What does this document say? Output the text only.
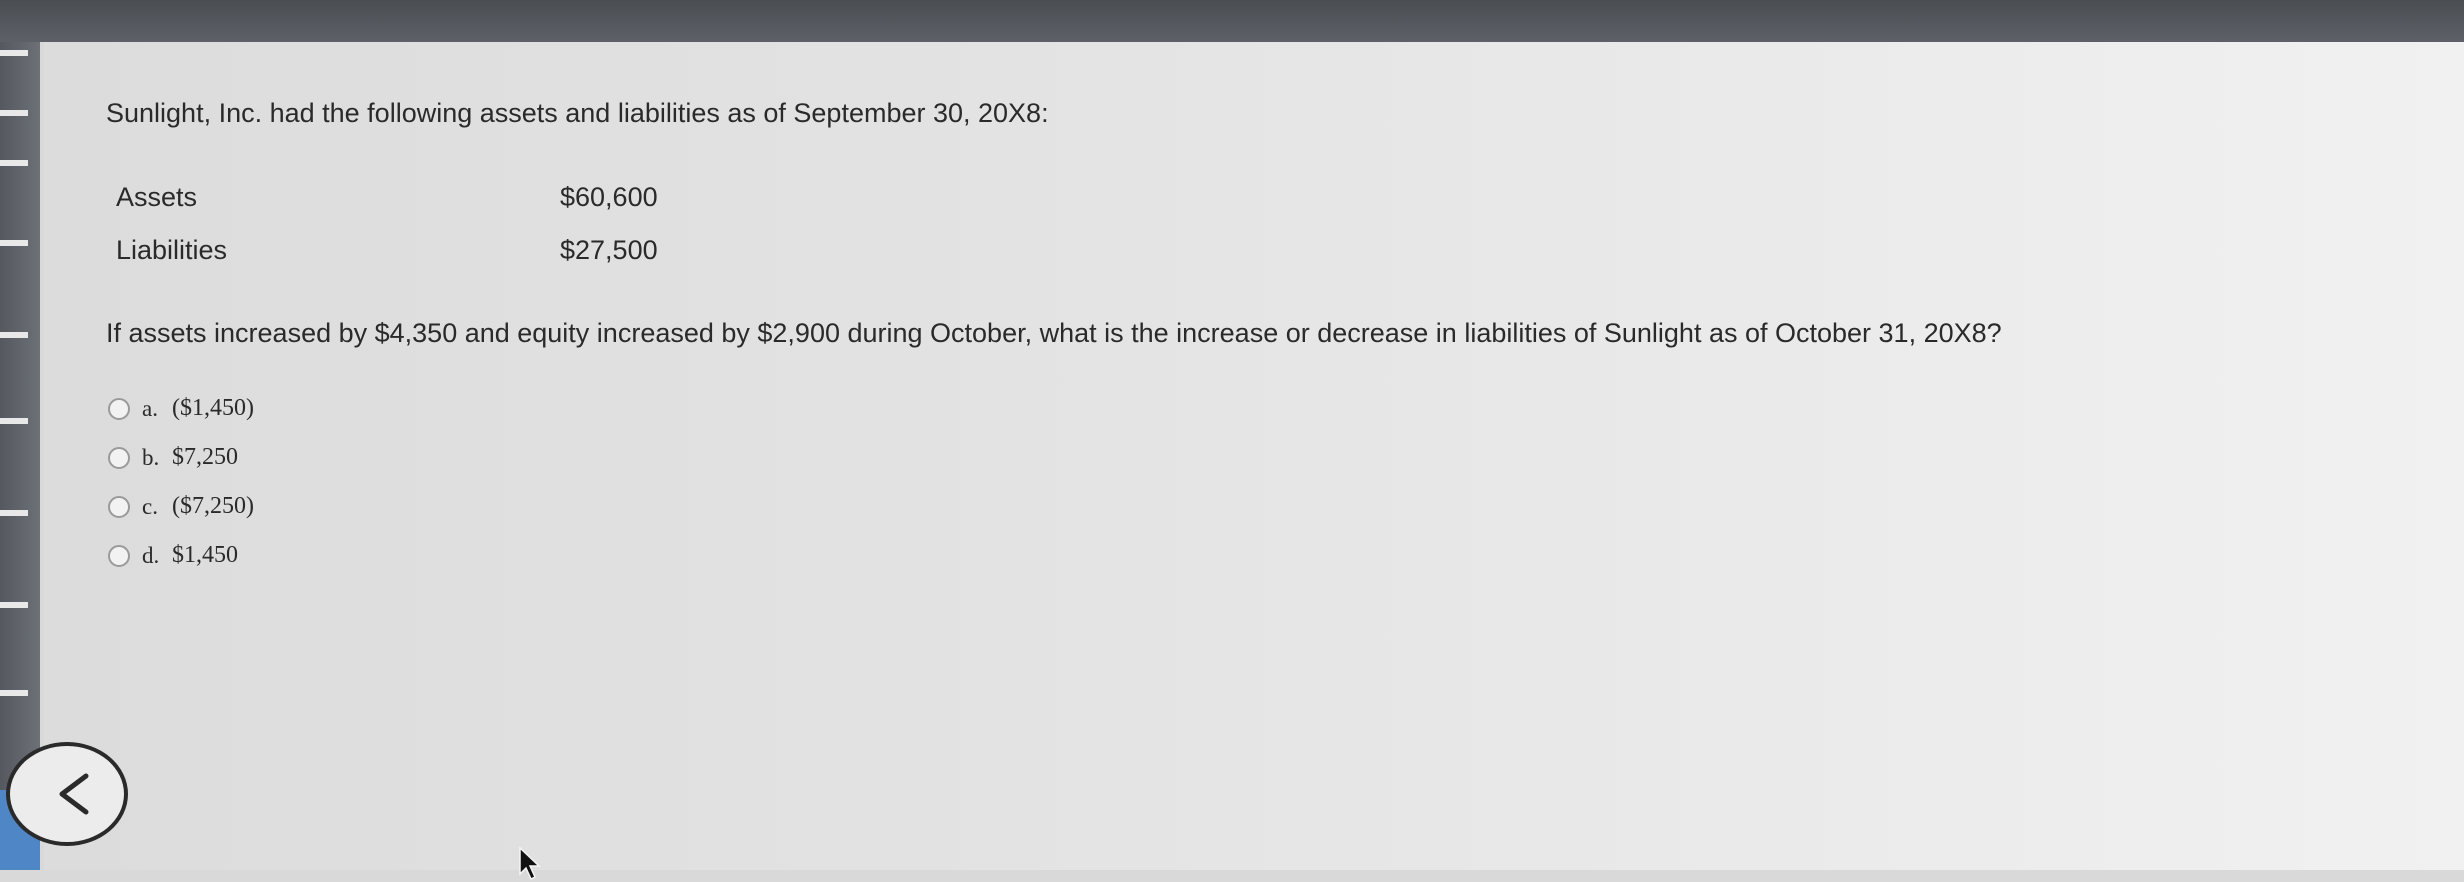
Sunlight, Inc. had the following assets and liabilities as of September 30, 20X8:
Assets	$60,600
Liabilities	$27,500
If assets increased by $4,350 and equity increased by $2,900 during October, what is the increase or decrease in liabilities of Sunlight as of October 31, 20X8?
a. ($1,450)
b. $7,250
c. ($7,250)
d. $1,450
